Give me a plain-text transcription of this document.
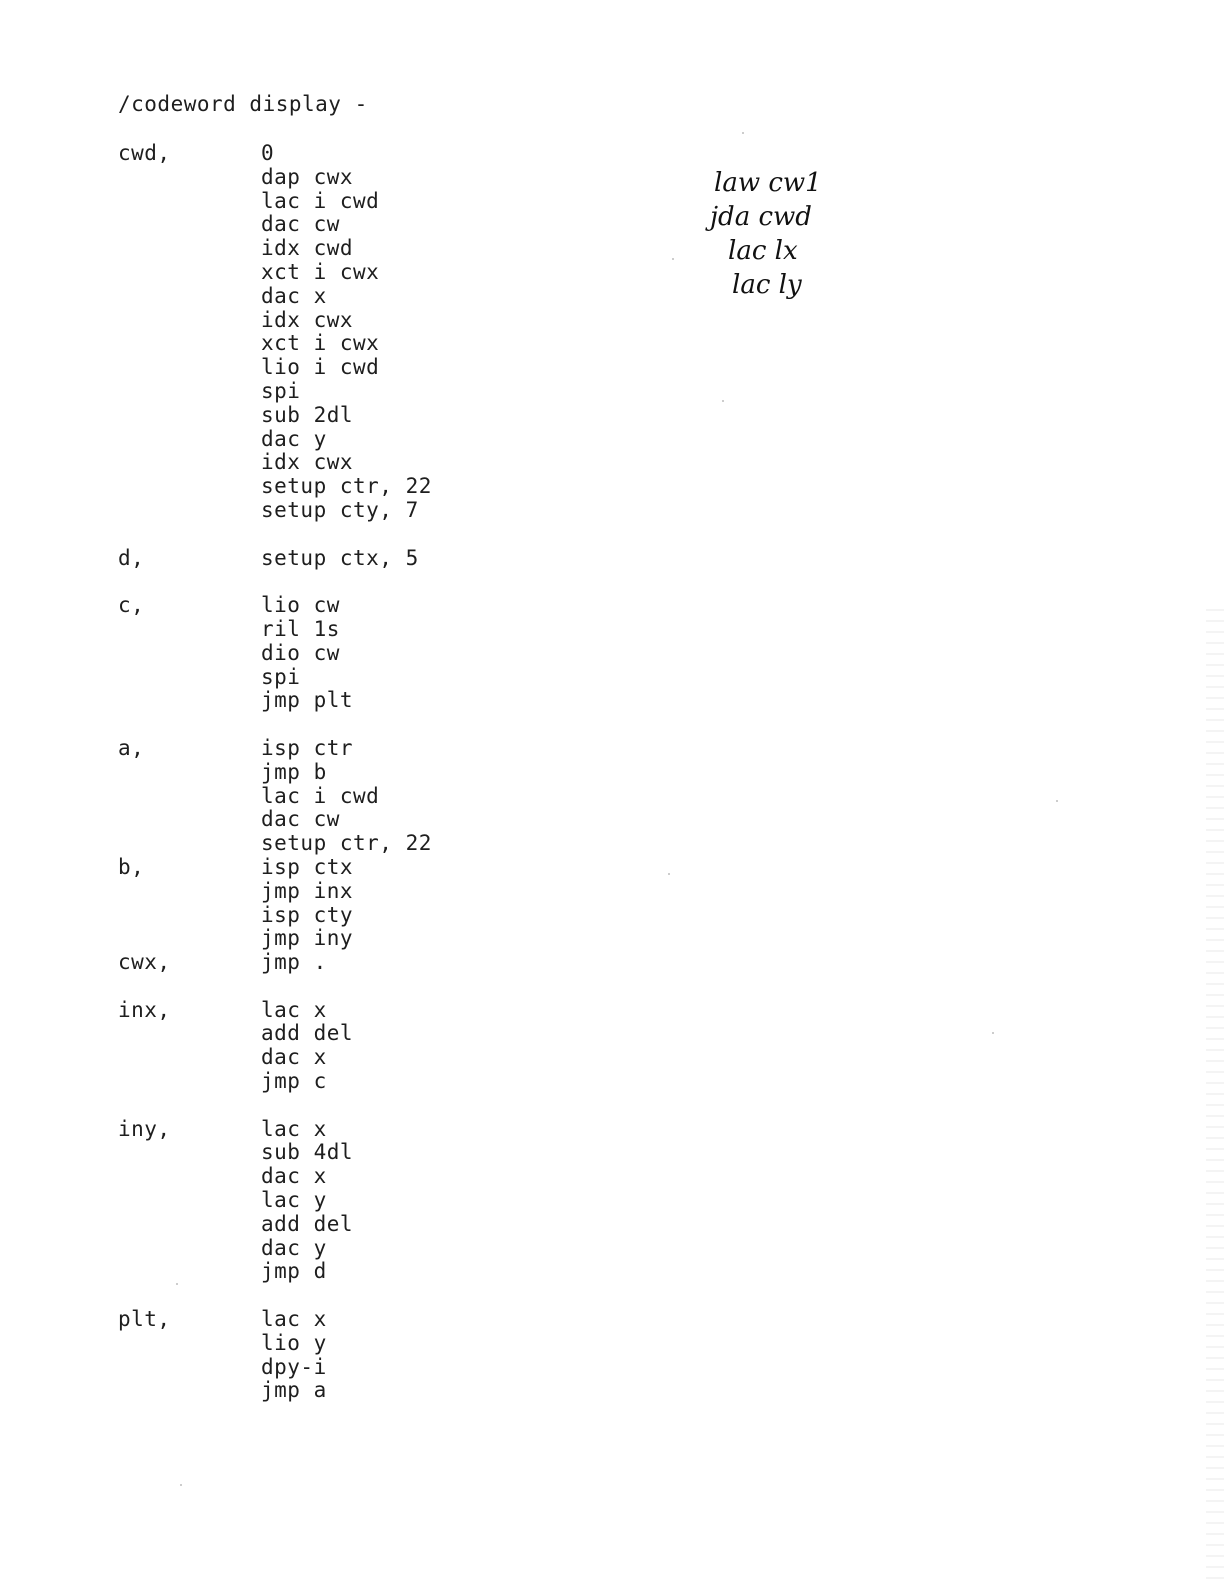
/codeword display -
cwd,	0
dap cwx
lac i cwd
dac cw
idx cwd
xct i cwx
dac x
idx cwx
xct i cwx
lio i cwd
spi
sub 2dl
dac y
idx cwx
setup ctr, 22
setup cty, 7
d,	setup ctx, 5
c,	lio cw
ril 1s
dio cw
spi
jmp plt
a,	isp ctr
jmp b
lac i cwd
dac cw
setup ctr, 22
b,	isp ctx
jmp inx
isp cty
jmp iny
cwx,	jmp .
inx,	lac x
add del
dac x
jmp c
iny,	lac x
sub 4dl
dac x
lac y
add del
dac y
jmp d
plt,	lac x
lio y
dpy-i
jmp a
law cw1
jda cwd
lac lx
lac ly
